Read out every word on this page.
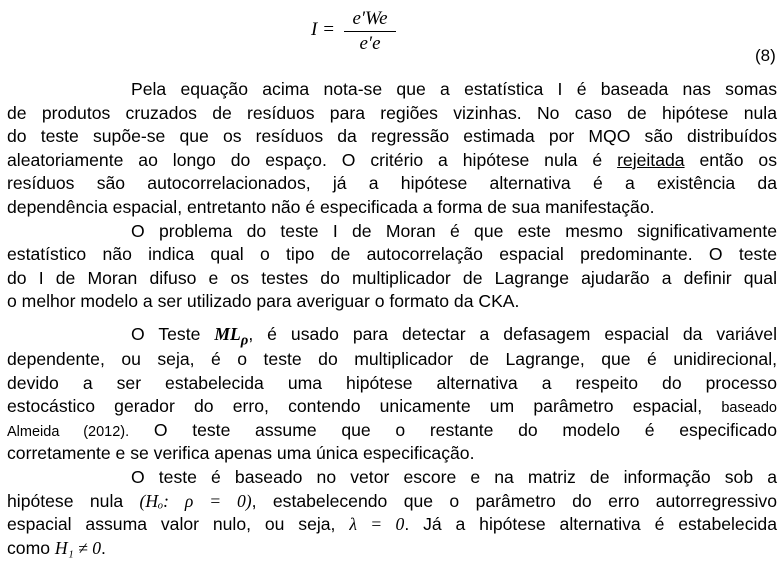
I =
e′We
e′e
(8)
Pela equação acima nota-se que a estatística I é baseada nas somas
de produtos cruzados de resíduos para regiões vizinhas. No caso de hipótese nula
do teste supõe-se que os resíduos da regressão estimada por MQO são distribuídos
aleatoriamente ao longo do espaço. O critério a hipótese nula é rejeitada então os
resíduos são autocorrelacionados, já a hipótese alternativa é a existência da
dependência espacial, entretanto não é especificada a forma de sua manifestação.
O problema do teste I de Moran é que este mesmo significativamente
estatístico não indica qual o tipo de autocorrelação espacial predominante. O teste
do I de Moran difuso e os testes do multiplicador de Lagrange ajudarão a definir qual
o melhor modelo a ser utilizado para averiguar o formato da CKA.
O Teste $ML_\rho$, é usado para detectar a defasagem espacial da variável
dependente, ou seja, é o teste do multiplicador de Lagrange, que é unidirecional,
devido a ser estabelecida uma hipótese alternativa a respeito do processo
estocástico gerador do erro, contendo unicamente um parâmetro espacial, baseado
Almeida (2012). O teste assume que o restante do modelo é especificado
corretamente e se verifica apenas uma única especificação.
O teste é baseado no vetor escore e na matriz de informação sob a
hipótese nula (Hₒ: ρ = 0), estabelecendo que o parâmetro do erro autorregressivo
espacial assuma valor nulo, ou seja, λ = 0. Já a hipótese alternativa é estabelecida
como H₁ ≠ 0.
